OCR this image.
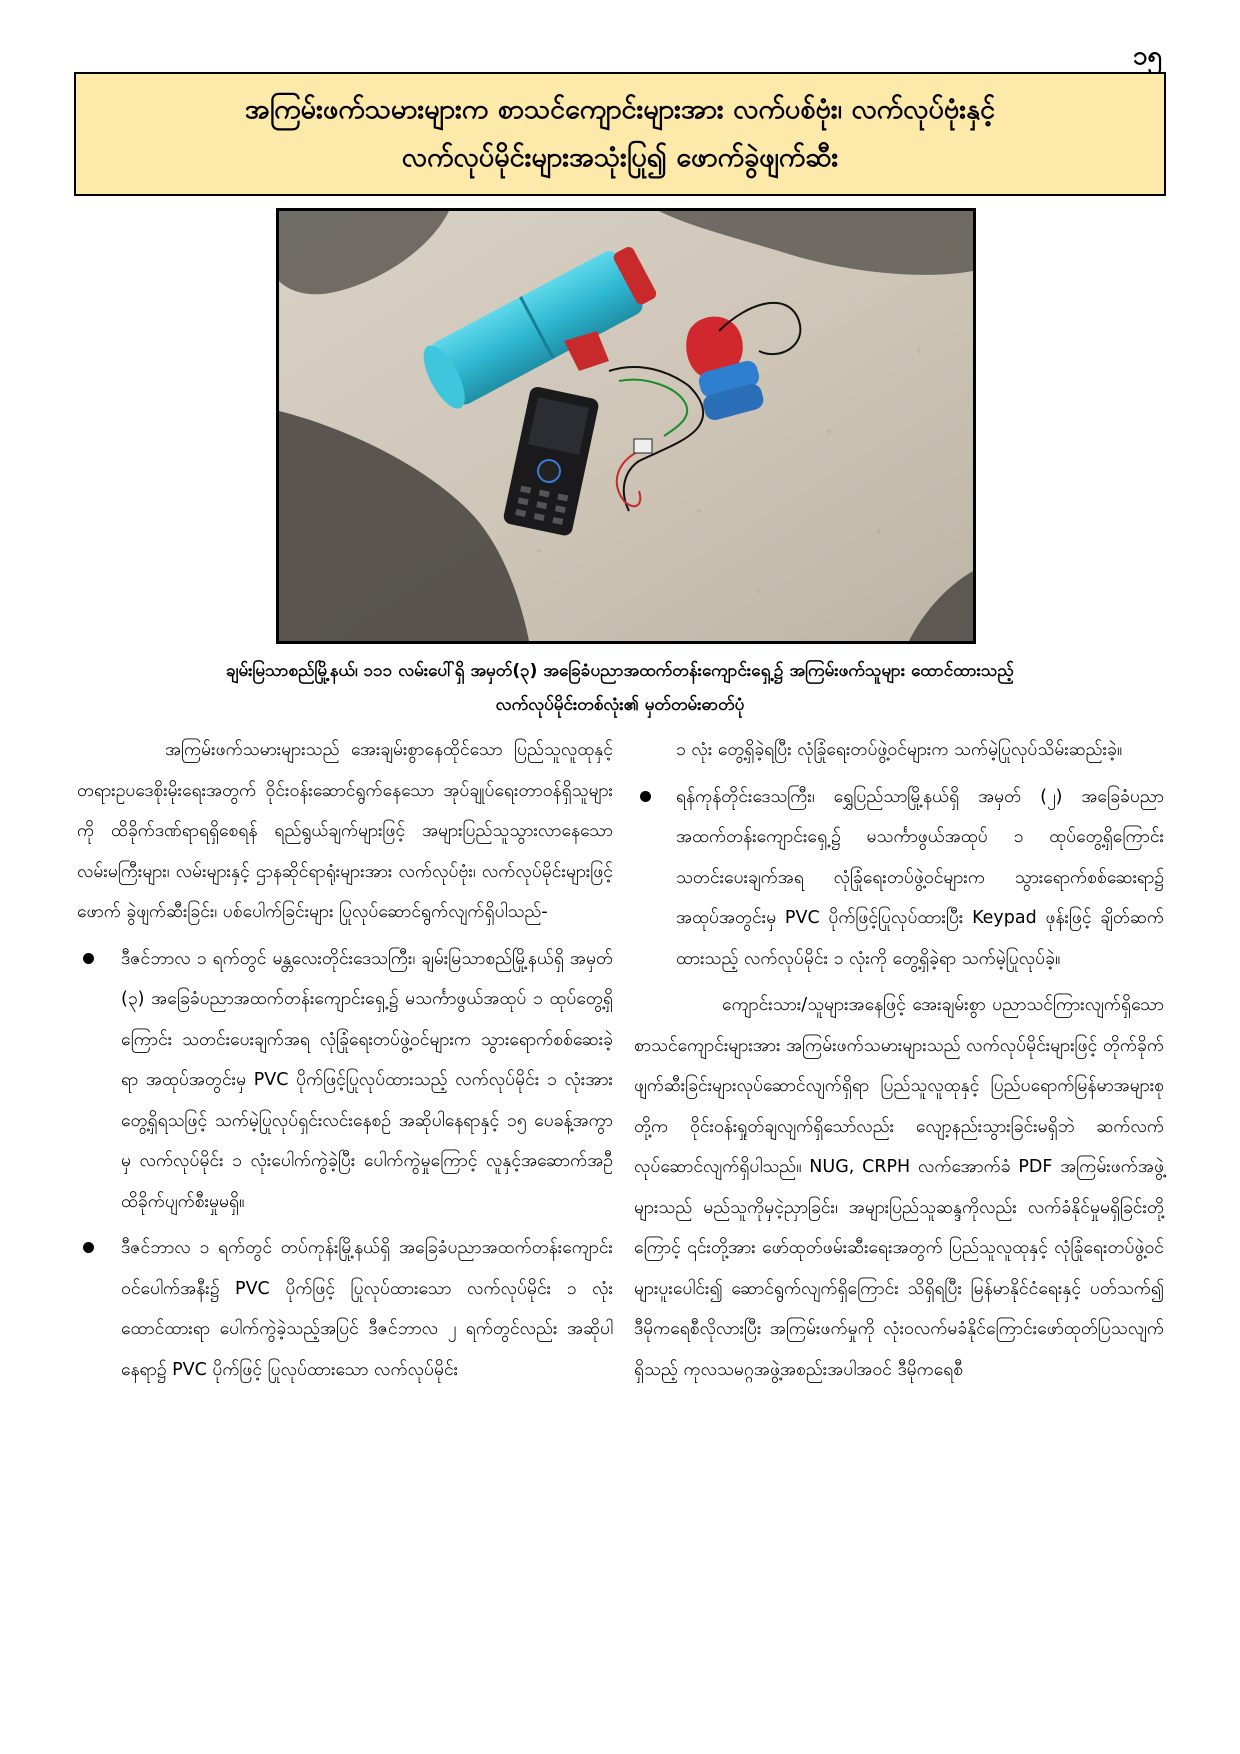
၁၅
အကြမ်းဖက်သမားများက စာသင်ကျောင်းများအား လက်ပစ်ဗုံး၊ လက်လုပ်ဗုံးနှင့်
လက်လုပ်မိုင်းများအသုံးပြု၍ ဖောက်ခွဲဖျက်ဆီး
ချမ်းမြသာစည်မြို့နယ်၊ ၁၁၁ လမ်းပေါ်ရှိ အမှတ်(၃) အခြေခံပညာအထက်တန်းကျောင်းရှေ့၌ အကြမ်းဖက်သူများ ထောင်ထားသည့်
လက်လုပ်မိုင်းတစ်လုံး၏ မှတ်တမ်းဓာတ်ပုံ

အကြမ်းဖက်သမားများသည် အေးချမ်းစွာနေထိုင်သော ပြည်သူလူထုနှင့် တရားဥပဒေစိုးမိုးရေးအတွက် ဝိုင်းဝန်းဆောင်ရွက်နေသော အုပ်ချုပ်ရေးတာဝန်ရှိသူများကို ထိခိုက်ဒဏ်ရာရရှိစေရန် ရည်ရွယ်ချက်များဖြင့် အများပြည်သူသွားလာနေသော လမ်းမကြီးများ၊ လမ်းများနှင့် ဌာနဆိုင်ရာရုံးများအား လက်လုပ်ဗုံး၊ လက်လုပ်မိုင်းများဖြင့် ဖောက် ခွဲဖျက်ဆီးခြင်း၊ ပစ်ပေါက်ခြင်းများ ပြုလုပ်ဆောင်ရွက်လျက်ရှိပါသည်-

ဒီဇင်ဘာလ ၁ ရက်တွင် မန္တလေးတိုင်းဒေသကြီး၊ ချမ်းမြသာစည်မြို့နယ်ရှိ အမှတ် (၃) အခြေခံပညာအထက်တန်းကျောင်းရှေ့၌ မသင်္ကာဖွယ်အထုပ် ၁ ထုပ်တွေ့ရှိကြောင်း သတင်းပေးချက်အရ လုံခြုံရေးတပ်ဖွဲ့ဝင်များက သွားရောက်စစ်ဆေးခဲ့ရာ အထုပ်အတွင်းမှ PVC ပိုက်ဖြင့်ပြုလုပ်ထားသည့် လက်လုပ်မိုင်း ၁ လုံးအား တွေ့ရှိရသဖြင့် သက်မဲ့ပြုလုပ်ရှင်းလင်းနေစဉ် အဆိုပါနေရာနှင့် ၁၅ ပေခန့်အကွာမှ လက်လုပ်မိုင်း ၁ လုံးပေါက်ကွဲခဲ့ပြီး ပေါက်ကွဲမှုကြောင့် လူနှင့်အဆောက်အဦ ထိခိုက်ပျက်စီးမှုမရှိ။
ဒီဇင်ဘာလ ၁ ရက်တွင် တပ်ကုန်းမြို့နယ်ရှိ အခြေခံပညာအထက်တန်းကျောင်း ဝင်ပေါက်အနီး၌ PVC ပိုက်ဖြင့် ပြုလုပ်ထားသော လက်လုပ်မိုင်း ၁ လုံး ထောင်ထားရာ ပေါက်ကွဲခဲ့သည့်အပြင် ဒီဇင်ဘာလ ၂ ရက်တွင်လည်း အဆိုပါနေရာ၌ PVC ပိုက်ဖြင့် ပြုလုပ်ထားသော လက်လုပ်မိုင်း

၁ လုံး တွေ့ရှိခဲ့ရပြီး လုံခြုံရေးတပ်ဖွဲ့ဝင်များက သက်မဲ့ပြုလုပ်သိမ်းဆည်းခဲ့။

ရန်ကုန်တိုင်းဒေသကြီး၊ ရွှေပြည်သာမြို့နယ်ရှိ အမှတ် (၂) အခြေခံပညာအထက်တန်းကျောင်းရှေ့၌ မသင်္ကာဖွယ်အထုပ် ၁ ထုပ်တွေ့ရှိကြောင်း သတင်းပေးချက်အရ လုံခြုံရေးတပ်ဖွဲ့ဝင်များက သွားရောက်စစ်ဆေးရာ၌ အထုပ်အတွင်းမှ PVC ပိုက်ဖြင့်ပြုလုပ်ထားပြီး Keypad ဖုန်းဖြင့် ချိတ်ဆက်ထားသည့် လက်လုပ်မိုင်း ၁ လုံးကို တွေ့ရှိခဲ့ရာ သက်မဲ့ပြုလုပ်ခဲ့။

ကျောင်းသား/သူများအနေဖြင့် အေးချမ်းစွာ ပညာသင်ကြားလျက်ရှိသော စာသင်ကျောင်းများအား အကြမ်းဖက်သမားများသည် လက်လုပ်မိုင်းများဖြင့် တိုက်ခိုက်ဖျက်ဆီးခြင်းများလုပ်ဆောင်လျက်ရှိရာ ပြည်သူလူထုနှင့် ပြည်ပရောက်မြန်မာအများစုတို့က ဝိုင်းဝန်းရှုတ်ချလျက်ရှိသော်လည်း လျော့နည်းသွားခြင်းမရှိဘဲ ဆက်လက်လုပ်ဆောင်လျက်ရှိပါသည်။ NUG, CRPH လက်အောက်ခံ PDF အကြမ်းဖက်အဖွဲ့များသည် မည်သူကိုမှငဲ့ညှာခြင်း၊ အများပြည်သူဆန္ဒကိုလည်း လက်ခံနိုင်မှုမရှိခြင်းတို့ကြောင့် ၎င်းတို့အား ဖော်ထုတ်ဖမ်းဆီးရေးအတွက် ပြည်သူလူထုနှင့် လုံခြုံရေးတပ်ဖွဲ့ဝင်များပူးပေါင်း၍ ဆောင်ရွက်လျက်ရှိကြောင်း သိရှိရပြီး မြန်မာနိုင်ငံရေးနှင့် ပတ်သက်၍ ဒီမိုကရေစီလိုလားပြီး အကြမ်းဖက်မှုကို လုံးဝလက်မခံနိုင်ကြောင်းဖော်ထုတ်ပြသလျက်ရှိသည့် ကုလသမဂ္ဂအဖွဲ့အစည်းအပါအဝင် ဒီမိုကရေစီ
